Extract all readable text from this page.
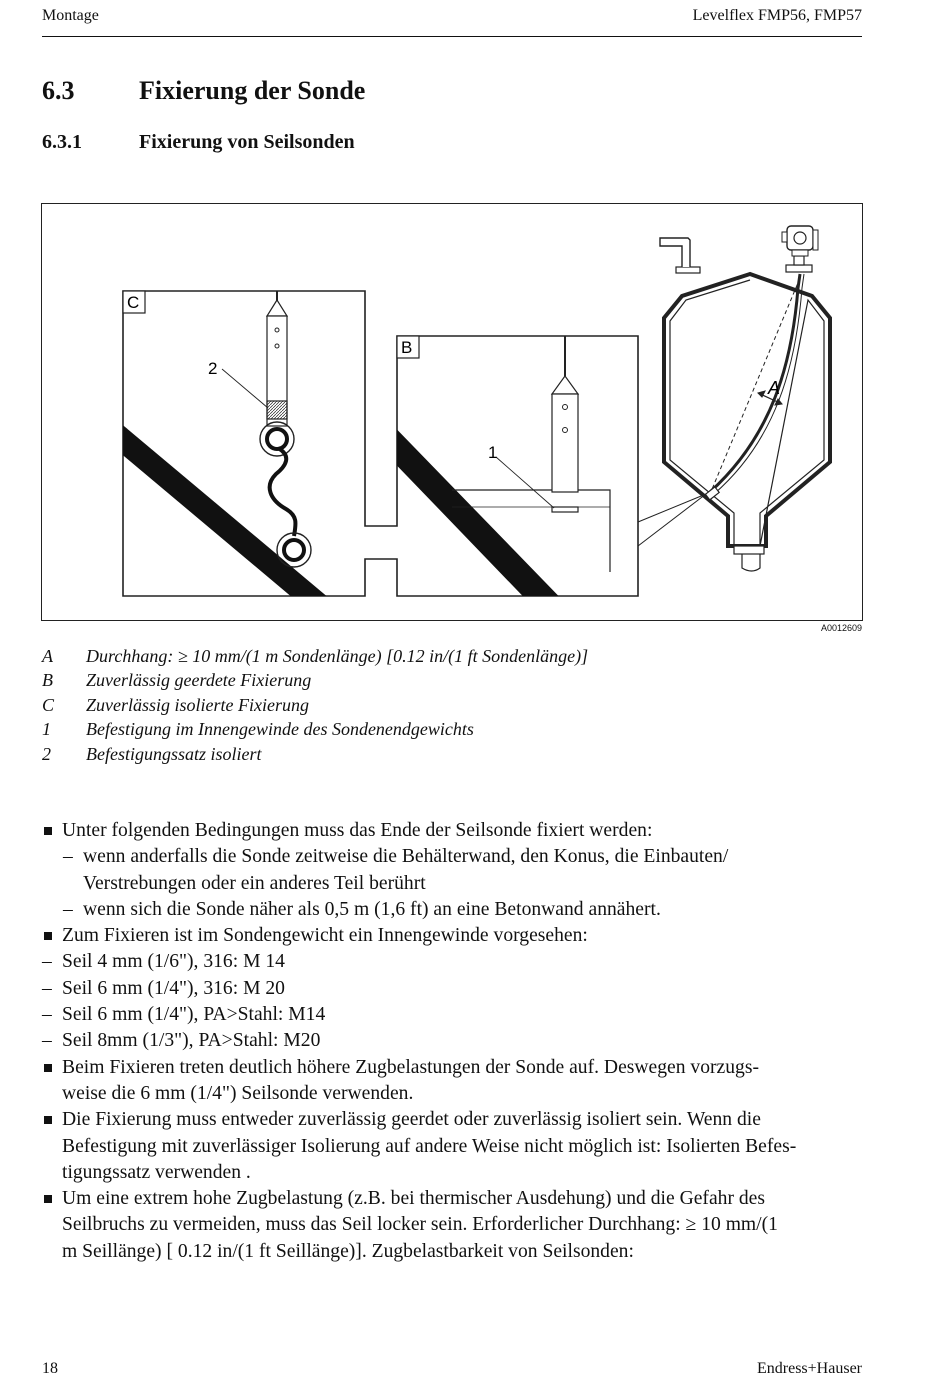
Montage	Levelflex FMP56, FMP57
6.3 Fixierung der Sonde
6.3.1	Fixierung von Seilsonden
C
2
B
1
A
A0012609
A Durchhang: ≥ 10 mm/(1 m Sondenlänge) [0.12 in/(1 ft Sondenlänge)]
B Zuverlässig geerdete Fixierung
C Zuverlässig isolierte Fixierung
1 Befestigung im Innengewinde des Sondenendgewichts
2 Befestigungssatz isoliert
Unter folgenden Bedingungen muss das Ende der Seilsonde fixiert werden:
– wenn anderfalls die Sonde zeitweise die Behälterwand, den Konus, die Einbauten/
Verstrebungen oder ein anderes Teil berührt
– wenn sich die Sonde näher als 0,5 m (1,6 ft) an eine Betonwand annähert.
Zum Fixieren ist im Sondengewicht ein Innengewinde vorgesehen:
– Seil 4 mm (1/6"), 316: M 14
– Seil 6 mm (1/4"), 316: M 20
– Seil 6 mm (1/4"), PA>Stahl: M14
– Seil 8mm (1/3"), PA>Stahl: M20
Beim Fixieren treten deutlich höhere Zugbelastungen der Sonde auf. Deswegen vorzugs-
weise die 6 mm (1/4") Seilsonde verwenden.
Die Fixierung muss entweder zuverlässig geerdet oder zuverlässig isoliert sein. Wenn die
Befestigung mit zuverlässiger Isolierung auf andere Weise nicht möglich ist: Isolierten Befes-
tigungssatz verwenden .
Um eine extrem hohe Zugbelastung (z.B. bei thermischer Ausdehung) und die Gefahr des
Seilbruchs zu vermeiden, muss das Seil locker sein. Erforderlicher Durchhang: ≥ 10 mm/(1
m Seillänge) [ 0.12 in/(1 ft Seillänge)]. Zugbelastbarkeit von Seilsonden:
18	Endress+Hauser
